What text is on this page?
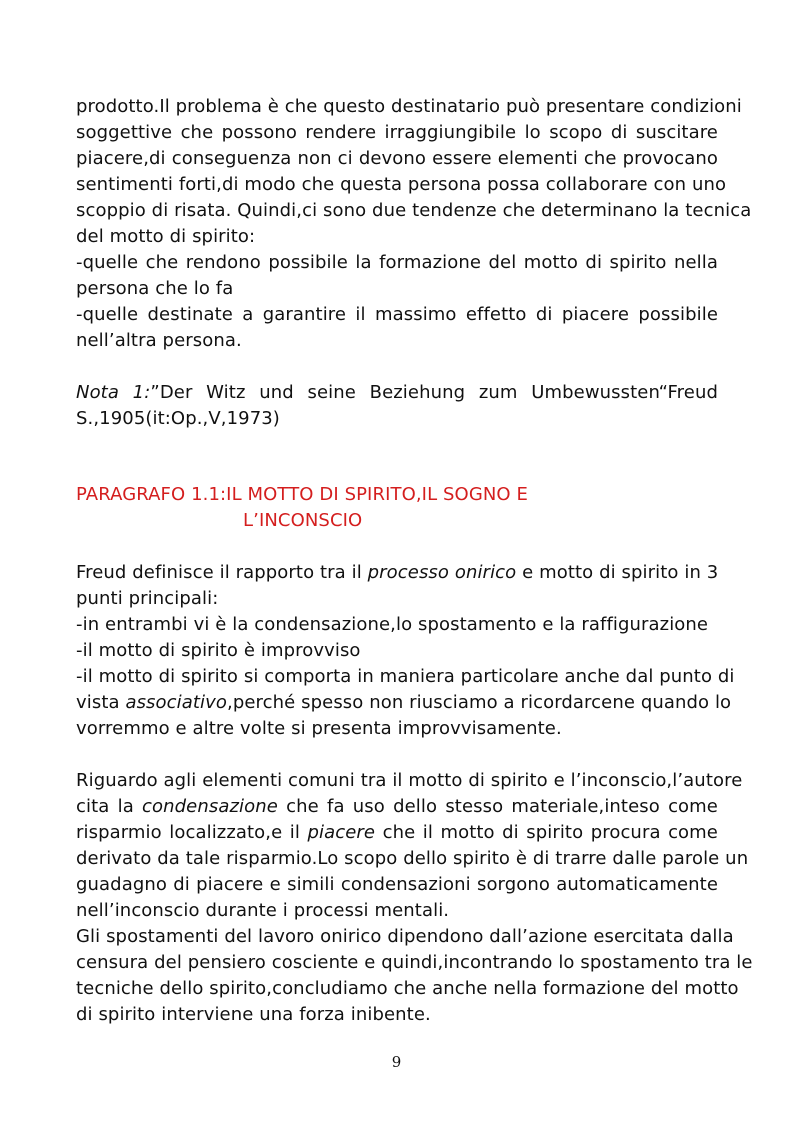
prodotto.Il problema è che questo destinatario può presentare condizioni
soggettive che possono rendere irraggiungibile lo scopo di suscitare
piacere,di conseguenza non ci devono essere elementi che provocano
sentimenti forti,di modo che questa persona possa collaborare con uno
scoppio di risata. Quindi,ci sono due tendenze che determinano la tecnica
del motto di spirito:
-quelle che rendono possibile la formazione del motto di spirito nella
persona che lo fa
-quelle destinate a garantire il massimo effetto di piacere possibile
nell’altra persona.
Nota 1:”Der Witz und seine Beziehung zum Umbewussten“Freud
S.,1905(it:Op.,V,1973)
PARAGRAFO 1.1:IL MOTTO DI SPIRITO,IL SOGNO E
L’INCONSCIO
Freud definisce il rapporto tra il processo onirico e motto di spirito in 3
punti principali:
-in entrambi vi è la condensazione,lo spostamento e la raffigurazione
-il motto di spirito è improvviso
-il motto di spirito si comporta in maniera particolare anche dal punto di
vista associativo,perché spesso non riusciamo a ricordarcene quando lo
vorremmo e altre volte si presenta improvvisamente.
Riguardo agli elementi comuni tra il motto di spirito e l’inconscio,l’autore
cita la condensazione che fa uso dello stesso materiale,inteso come
risparmio localizzato,e il piacere che il motto di spirito procura come
derivato da tale risparmio.Lo scopo dello spirito è di trarre dalle parole un
guadagno di piacere e simili condensazioni sorgono automaticamente
nell’inconscio durante i processi mentali.
Gli spostamenti del lavoro onirico dipendono dall’azione esercitata dalla
censura del pensiero cosciente e quindi,incontrando lo spostamento tra le
tecniche dello spirito,concludiamo che anche nella formazione del motto
di spirito interviene una forza inibente.
9
